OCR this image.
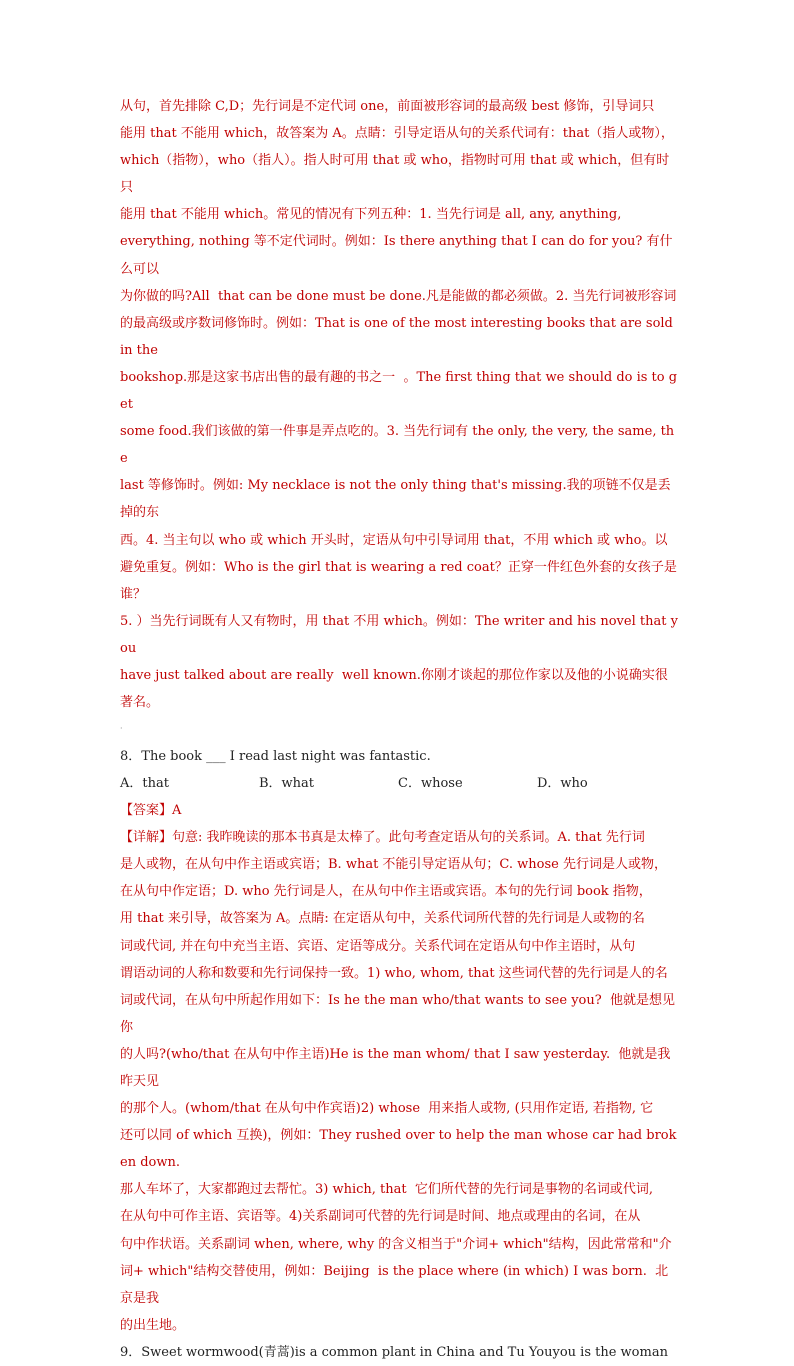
从句，首先排除 C,D；先行词是不定代词 one，前面被形容词的最高级 best 修饰，引导词只
能用 that 不能用 which，故答案为 A。点睛：引导定语从句的关系代词有：that（指人或物），
which（指物），who（指人）。指人时可用 that 或 who，指物时可用 that 或 which，但有时只
能用 that 不能用 which。常见的情况有下列五种：1. 当先行词是 all, any, anything,
everything, nothing 等不定代词时。例如：Is there anything that I can do for you? 有什么可以
为你做的吗?All  that can be done must be done.凡是能做的都必须做。2. 当先行词被形容词
的最高级或序数词修饰时。例如：That is one of the most interesting books that are sold in the
bookshop.那是这家书店出售的最有趣的书之一  。The first thing that we should do is to get
some food.我们该做的第一件事是弄点吃的。3. 当先行词有 the only, the very, the same, the
last 等修饰时。例如: My necklace is not the only thing that's missing.我的项链不仅是丢掉的东
西。4. 当主句以 who 或 which 开头时，定语从句中引导词用 that，不用 which 或 who。以
避免重复。例如：Who is the girl that is wearing a red coat？正穿一件红色外套的女孩子是谁？
5. ）当先行词既有人又有物时，用 that 不用 which。例如：The writer and his novel that you
have just talked about are really  well known.你刚才谈起的那位作家以及他的小说确实很著名。
·
8．The book ___ I read last night was fantastic.
A．that	B．what	C．whose	D．who
【答案】A
【详解】句意: 我昨晚读的那本书真是太棒了。此句考查定语从句的关系词。A. that 先行词
是人或物，在从句中作主语或宾语；B. what 不能引导定语从句；C. whose 先行词是人或物，
在从句中作定语；D. who 先行词是人，在从句中作主语或宾语。本句的先行词 book 指物，
用 that 来引导，故答案为 A。点睛: 在定语从句中，关系代词所代替的先行词是人或物的名
词或代词, 并在句中充当主语、宾语、定语等成分。关系代词在定语从句中作主语时，从句
谓语动词的人称和数要和先行词保持一致。1) who, whom, that 这些词代替的先行词是人的名
词或代词，在从句中所起作用如下：Is he the man who/that wants to see you?  他就是想见你
的人吗?(who/that 在从句中作主语)He is the man whom/ that I saw yesterday.  他就是我昨天见
的那个人。(whom/that 在从句中作宾语)2) whose  用来指人或物, (只用作定语, 若指物, 它
还可以同 of which 互换)，例如：They rushed over to help the man whose car had broken down.
那人车坏了，大家都跑过去帮忙。3) which, that  它们所代替的先行词是事物的名词或代词,
在从句中可作主语、宾语等。4)关系副词可代替的先行词是时间、地点或理由的名词，在从
句中作状语。关系副词 when, where, why 的含义相当于"介词+ which"结构，因此常常和"介
词+ which"结构交替使用，例如：Beijing  is the place where (in which) I was born.  北京是我
的出生地。
9．Sweet wormwood(青蒿)is a common plant in China and Tu Youyou is the woman
